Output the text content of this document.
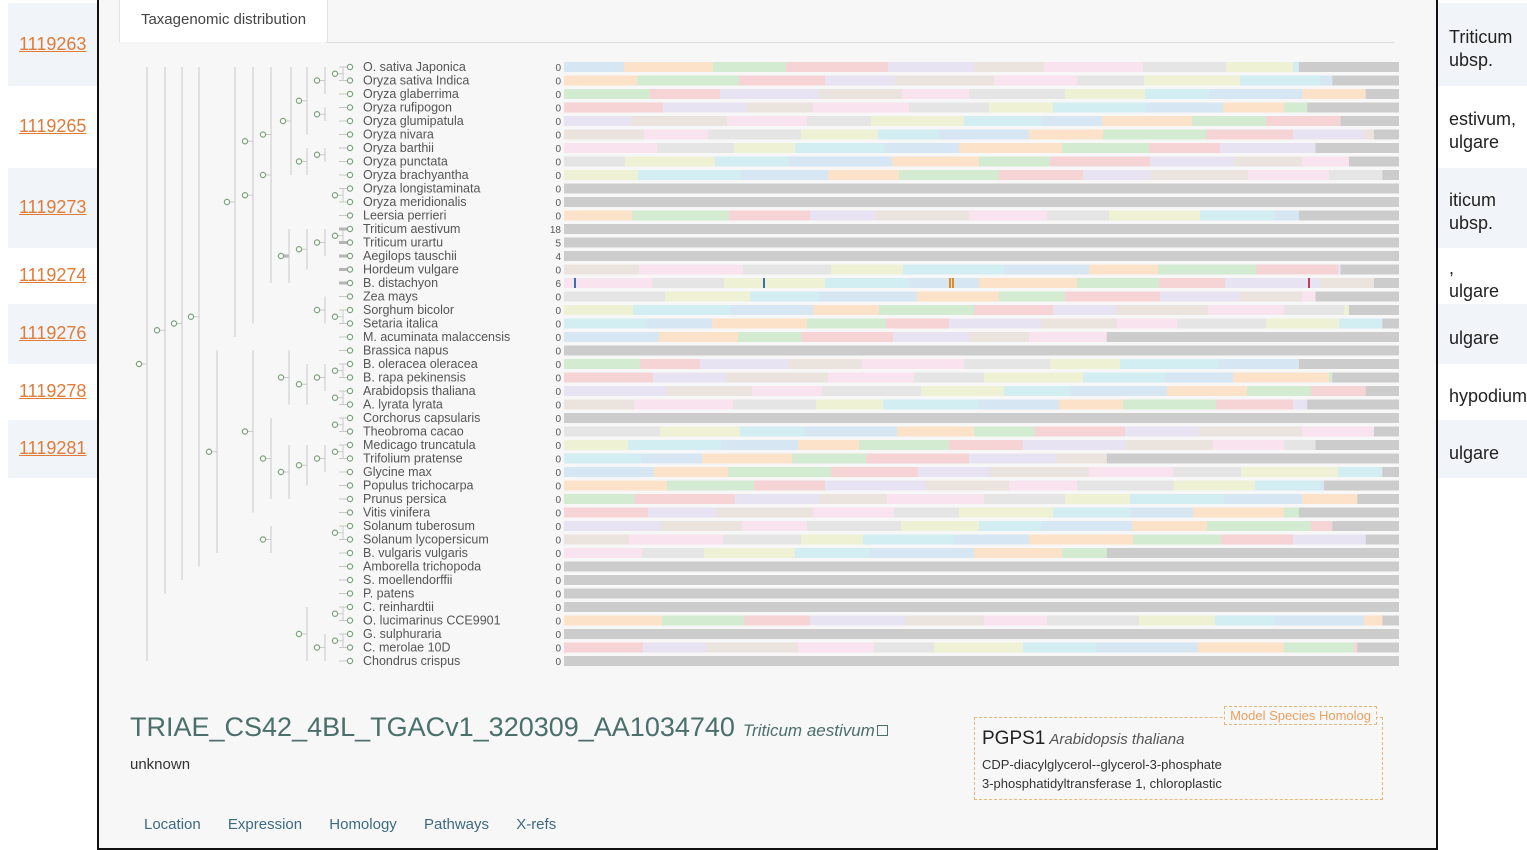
1119263	Triticum
ubsp.
1119265	estivum,
ulgare
1119273	iticum
ubsp.
1119274	,
ulgare
1119276	ulgare
1119278	hypodium
1119281	ulgare
Taxagenomic distribution
O. sativa Japonica	0
Oryza sativa Indica	0
Oryza glaberrima	0
Oryza rufipogon	0
Oryza glumipatula	0
Oryza nivara	0
Oryza barthii	0
Oryza punctata	0
Oryza brachyantha	0
Oryza longistaminata	0
Oryza meridionalis	0
Leersia perrieri	0
Triticum aestivum	18
Triticum urartu	5
Aegilops tauschii	4
Hordeum vulgare	0
B. distachyon	6
Zea mays	0
Sorghum bicolor	0
Setaria italica	0
M. acuminata malaccensis	0
Brassica napus	0
B. oleracea oleracea	0
B. rapa pekinensis	0
Arabidopsis thaliana	0
A. lyrata lyrata	0
Corchorus capsularis	0
Theobroma cacao	0
Medicago truncatula	0
Trifolium pratense	0
Glycine max	0
Populus trichocarpa	0
Prunus persica	0
Vitis vinifera	0
Solanum tuberosum	0
Solanum lycopersicum	0
B. vulgaris vulgaris	0
Amborella trichopoda	0
S. moellendorffii	0
P. patens	0
C. reinhardtii	0
O. lucimarinus CCE9901	0
G. sulphuraria	0
C. merolae 10D	0
Chondrus crispus	0
TRIAE_CS42_4BL_TGACv1_320309_AA1034740 Triticum aestivum
unknown
Model Species Homolog
PGPS1 Arabidopsis thaliana
CDP-diacylglycerol--glycerol-3-phosphate
3-phosphatidyltransferase 1, chloroplastic
Location Expression Homology Pathways X-refs
